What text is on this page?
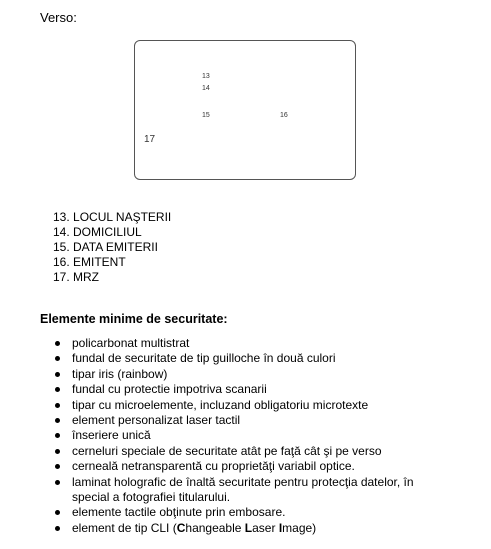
Verso:
13
14
15	16
17
13. LOCUL NAŞTERII
14. DOMICILIUL
15. DATA EMITERII
16. EMITENT
17. MRZ
Elemente minime de securitate:
policarbonat multistrat
fundal de securitate de tip guilloche în două culori
tipar iris (rainbow)
fundal cu protectie impotriva scanarii
tipar cu microelemente, incluzand obligatoriu microtexte
element personalizat laser tactil
înseriere unică
cerneluri speciale de securitate atât pe faţă cât şi pe verso
cerneală netransparentă cu proprietăţi variabil optice.
laminat holografic de înaltă securitate pentru protecţia datelor, în
special a fotografiei titularului.
elemente tactile obţinute prin embosare.
element de tip CLI (Changeable Laser Image)
